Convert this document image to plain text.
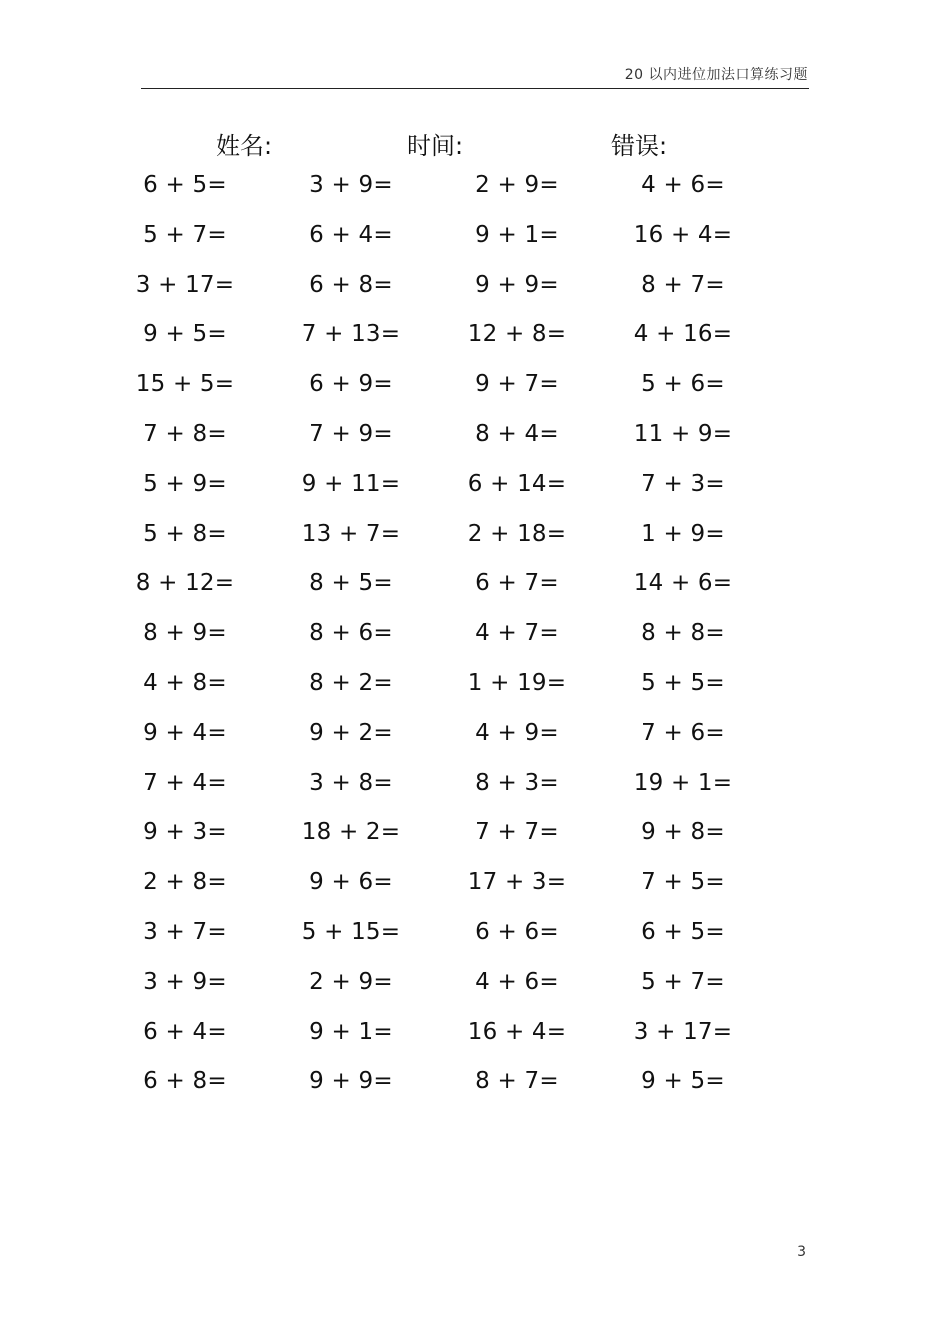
20 以内进位加法口算练习题
姓名:	时间:	错误:
6 + 5=	3 + 9=	2 + 9=	4 + 6=
5 + 7=	6 + 4=	9 + 1=	16 + 4=
3 + 17=	6 + 8=	9 + 9=	8 + 7=
9 + 5=	7 + 13=	12 + 8=	4 + 16=
15 + 5=	6 + 9=	9 + 7=	5 + 6=
7 + 8=	7 + 9=	8 + 4=	11 + 9=
5 + 9=	9 + 11=	6 + 14=	7 + 3=
5 + 8=	13 + 7=	2 + 18=	1 + 9=
8 + 12=	8 + 5=	6 + 7=	14 + 6=
8 + 9=	8 + 6=	4 + 7=	8 + 8=
4 + 8=	8 + 2=	1 + 19=	5 + 5=
9 + 4=	9 + 2=	4 + 9=	7 + 6=
7 + 4=	3 + 8=	8 + 3=	19 + 1=
9 + 3=	18 + 2=	7 + 7=	9 + 8=
2 + 8=	9 + 6=	17 + 3=	7 + 5=
3 + 7=	5 + 15=	6 + 6=	6 + 5=
3 + 9=	2 + 9=	4 + 6=	5 + 7=
6 + 4=	9 + 1=	16 + 4=	3 + 17=
6 + 8=	9 + 9=	8 + 7=	9 + 5=
3
